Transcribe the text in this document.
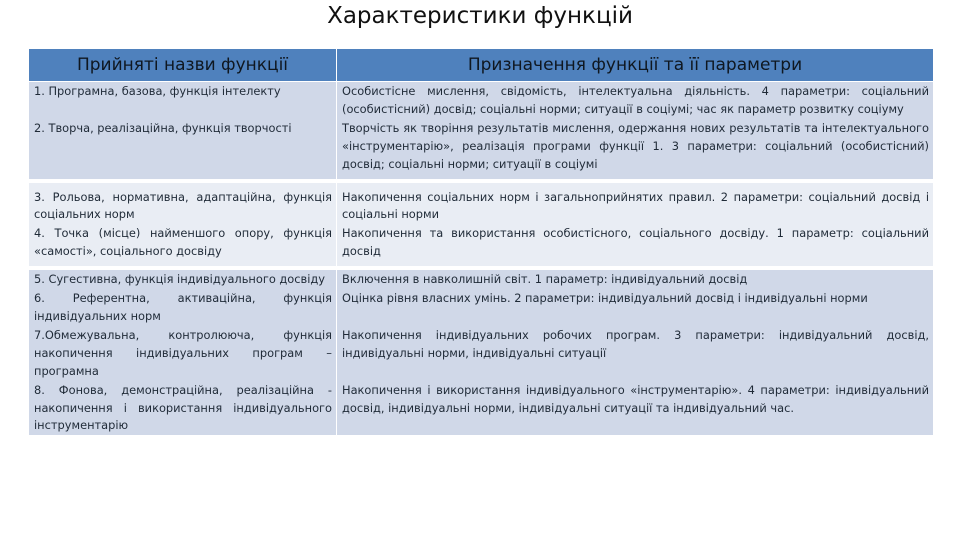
Характеристики функцій
Прийняті назви функції	Призначення функції та її параметри
1. Програмна, базова, функція інтелекту	Особистісне мислення, свідомість, інтелектуальна діяльність. 4 параметри: соціальний (особистісний) досвід; соціальні норми; ситуації в соціумі; час як параметр розвитку соціуму
2. Творча, реалізаційна, функція творчості	Творчість як творіння результатів мислення, одержання нових результатів та інтелектуального «інструментарію», реалізація програми функції 1. 3 параметри: соціальний (особистісний) досвід; соціальні норми; ситуації в соціумі

3. Рольова, нормативна, адаптаційна, функція соціальних норм	Накопичення соціальних норм і загальноприйнятих правил. 2 параметри: соціальний досвід і соціальні норми
4. Точка (місце) найменшого опору, функція «самості», соціального досвіду	Накопичення та використання особистісного, соціального досвіду. 1 параметр: соціальний досвід

5. Сугестивна, функція індивідуального досвіду	Включення в навколишній світ. 1 параметр: індивідуальний досвід
6. Референтна, активаційна, функція індивідуальних норм	Оцінка рівня власних умінь. 2 параметри: індивідуальний досвід і індивідуальні норми
7.Обмежувальна, контролююча, функція накопичення індивідуальних програм – програмна	Накопичення індивідуальних робочих програм. 3 параметри: індивідуальний досвід, індивідуальні норми, індивідуальні ситуації
8. Фонова, демонстраційна, реалізаційна - накопичення і використання індивідуального інструментарію	Накопичення і використання індивідуального «інструментарію». 4 параметри: індивідуальний досвід, індивідуальні норми, індивідуальні ситуації та індивідуальний час.
